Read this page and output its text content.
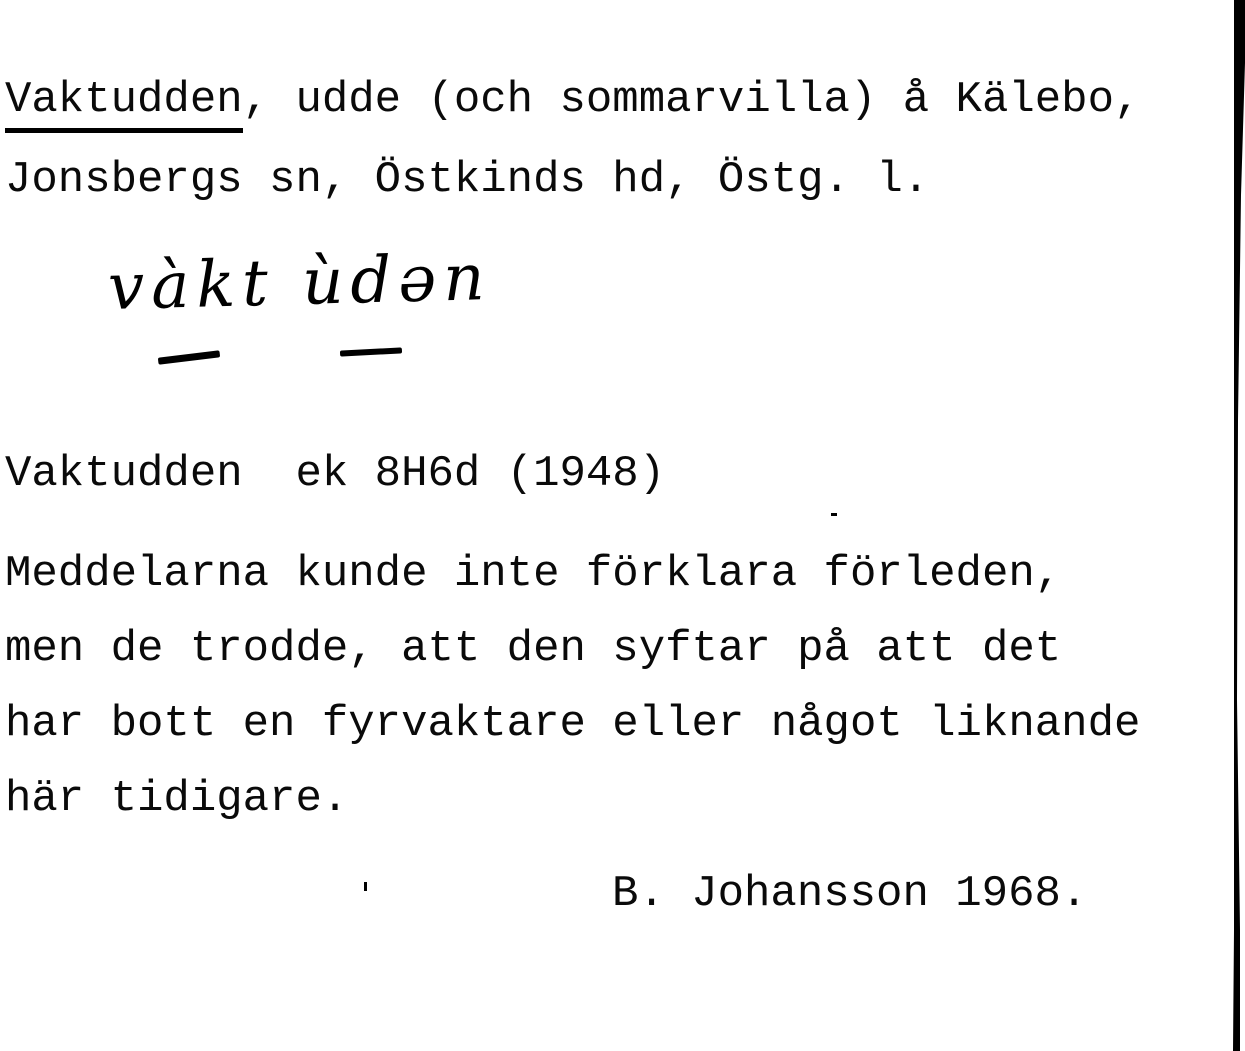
Vaktudden, udde (och sommarvilla) å Kälebo,
Jonsbergs sn, Östkinds hd, Östg. l.
vàkt ùdən
Vaktudden  ek 8H6d (1948)
Meddelarna kunde inte förklara förleden,
men de trodde, att den syftar på att det
har bott en fyrvaktare eller något liknande
här tidigare.
B. Johansson 1968.
